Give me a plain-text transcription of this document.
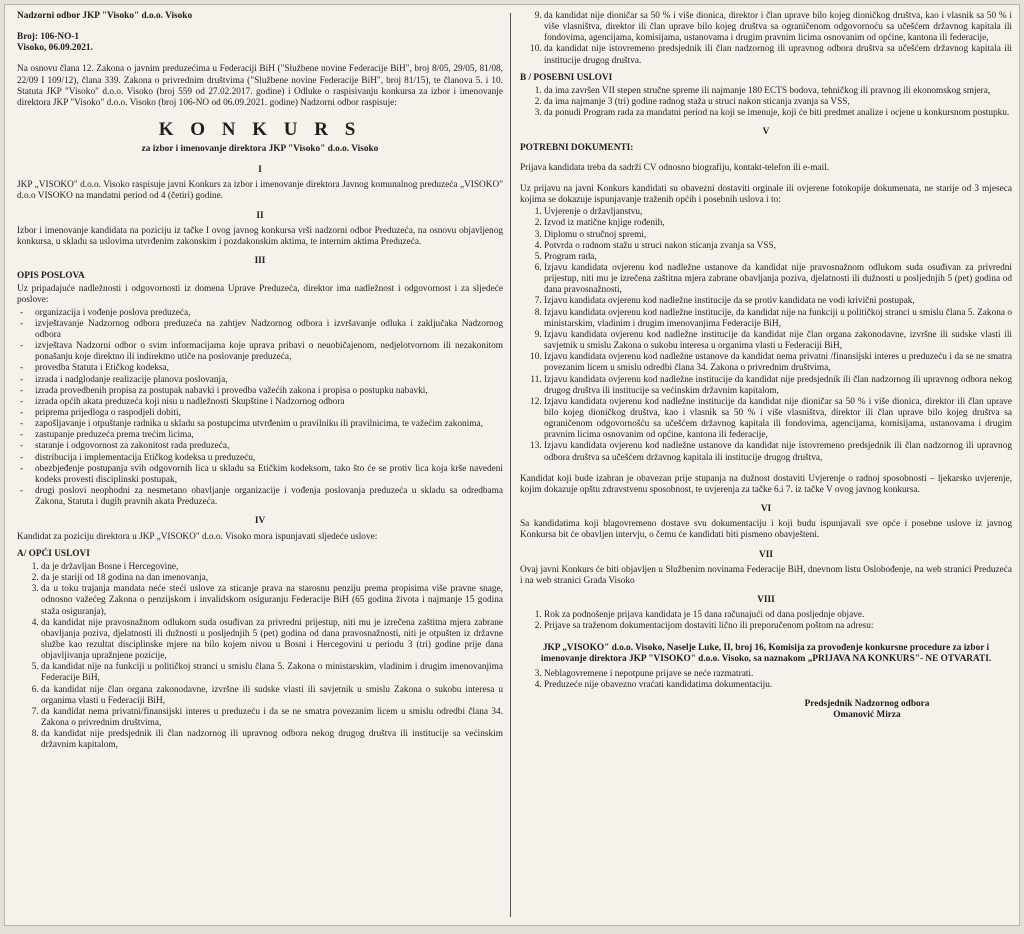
Nadzorni odbor JKP "Visoko" d.o.o. Visoko

Broj: 106-NO-1

Visoko, 06.09.2021.

Na osnovu člana 12. Zakona o javnim preduzećima u Federaciji BiH ("Službene novine Federacije BiH", broj 8/05, 29/05, 81/08, 22/09 I 109/12), člana 339. Zakona o privrednim društvima ("Službene novine Federacije BiH", broj 81/15), te članova 5. i 10. Statuta JKP "Visoko" d.o.o. Visoko (broj 559 od 27.02.2017. godine) i Odluke o raspisivanju konkursa za izbor i imenovanje direktora JKP "Visoko" d.o.o. Visoko (broj 106-NO od 06.09.2021. godine) Nadzorni odbor raspisuje:

K O N K U R S
za izbor i imenovanje direktora JKP "Visoko" d.o.o. Visoko
I

JKP „VISOKO" d.o.o. Visoko raspisuje javni Konkurs za izbor i imenovanje direktora Javnog komunalnog preduzeća „VISOKO" d.o.o VISOKO na mandatni period od 4 (četiri) godine.

II

Izbor i imenovanje kandidata na poziciju iz tačke I ovog javnog konkursa vrši nadzorni odbor Preduzeća, na osnovu objavljenog konkursa, u skladu sa uslovima utvrđenim zakonskim i pozdakonskim aktima, te internim aktima Preduzeća.

III
OPIS POSLOVA

Uz pripadajuće nadležnosti i odgovornosti iz domena Uprave Preduzeća, direktor ima nadležnost i odgovornost i za sljedeće poslove:

- organizacija i vođenje poslova preduzeća,
- izvještavanje Nadzornog odbora preduzeća na zahtjev Nadzornog odbora i izvršavanje odluka i zaključaka Nadzornog odbora
- izvještava Nadzorni odbor o svim informacijama koje uprava pribavi o neuobičajenom, nedjelotvornom ili nezakonitom ponašanju koje direktno ili indirektno utiče na poslovanje preduzeća,
- provedba Statuta i Etičkog kodeksa,
- izrada i nadglodanje realizacije planova poslovanja,
- izrada provedbenih propisa za postupak nabavki i provedba važećih zakona i propisa o postupku nabavki,
- izrada općih akata preduzeća koji nisu u nadležnosti Skupštine i Nadzornog odbora
- priprema prijedloga o raspodjeli dobiti,
- zapošljavanje i otpuštanje radnika u skladu sa postupcima utvrđenim u pravilniku ili pravilnicima, te važećim zakonima,
- zastupanje preduzeća prema trećim licima,
- staranje i odgovornost za zakonitost rada preduzeća,
- distribucija i implementacija Etičkog kodeksa u preduzeću,
- obezbjeđenje postupanja svih odgovornih lica u skladu sa Etičkim kodeksom, tako što će se protiv lica koja krše navedeni kodeks provesti disciplinski postupak,
- drugi poslovi neophodni za nesmetano obavljanje organizacije i vođenja poslovanja preduzeća u skladu sa odredbama Zakona, Statuta i dugih pravnih akata Preduzeća.
IV

Kandidat za poziciju direktora u JKP „VISOKO" d.o.o. Visoko mora ispunjavati sljedeće uslove:

A/ OPĆI USLOVI
1. da je državljan Bosne i Hercegovine,
2. da je stariji od 18 godina na dan imenovanja,
3. da u toku trajanja mandata neće steći uslove za sticanje prava na starosnu penziju prema propisima više pravne snage, odnosno važećeg Zakona o penzijskom i invalidskom osiguranju Federacije BiH (65 godina života i najmanje 15 godina staža osiguranja),
4. da kandidat nije pravosnažnom odlukom suda osuđivan za privredni prijestup, niti mu je izrečena zaštitna mjera zabrane obavljanja poziva, djelatnosti ili dužnosti u posljednjih 5 (pet) godina od dana pravosnažnosti, niti je otpušten iz državne službe kao rezultat disciplinske mjere na bilo kojem nivou u Bosni i Hercegovini u periodu 3 (tri) godine prije dana objavljivanja upražnjene pozicije,
5. da kandidat nije na funkciji u političkoj stranci u smislu člana 5. Zakona o ministarskim, vladinim i drugim imenovanjima Federacije BiH,
6. da kandidat nije član organa zakonodavne, izvršne ili sudske vlasti ili savjetnik u smislu Zakona o sukobu interesa u organima vlasti u Federaciji BiH,
7. da kandidat nema privatni/finansijski interes u preduzeću i da se ne smatra povezanim licem u smislu odredbi člana 34. Zakona o privrednim društvima,
8. da kandidat nije predsjednik ili član nadzornog ili upravnog odbora nekog drugog društva ili institucije sa većinskim državnim kapitalom,
9. da kandidat nije dioničar sa 50 % i više dionica, direktor i član uprave bilo kojeg dioničkog društva, kao i vlasnik sa 50 % i više vlasništva, direktor ili član uprave bilo kojeg društva sa ograničenom odgovornoću sa učešćem državnog kapitala ili fondovima, agencijama, komisijama, ustanovama i drugim pravnim licima osnovanim od općine, kantona ili federacije,
10. da kandidat nije istovremeno predsjednik ili član nadzornog ili upravnog odbora društva sa učešćem državnog kapitala ili institucije drugog društva.
B / POSEBNI USLOVI
1. da ima završen VII stepen stručne spreme ili najmanje 180 ECTS bodova, tehničkog ili pravnog ili ekonomskog smjera,
2. da ima najmanje 3 (tri) godine radnog staža u struci nakon sticanja zvanja sa VSS,
3. da ponudi Program rada za mandatni period na koji se imenuje, koji će biti predmet analize i ocjene u konkursnom postupku.
V
POTREBNI DOKUMENTI:

Prijava kandidata treba da sadrži CV odnosno biografiju, kontakt-telefon ili e-mail.

Uz prijavu na javni Konkurs kandidati su obavezni dostaviti orginale ili ovjerene fotokopije dokumenata, ne starije od 3 mjeseca kojima se dokazuje ispunjavanje traženih općih i posebnih uslova i to:

1. Uvjerenje o državljanstvu,
2. Izvod iz matične knjige rođenih,
3. Diplomu o stručnoj spremi,
4. Potvrda o radnom stažu u struci nakon sticanja zvanja sa VSS,
5. Program rada,
6. Izjavu kandidata ovjerenu kod nadležne ustanove da kandidat nije pravosnažnom odlukom suda osuđivan za privredni prijestup, niti mu je izrečena zaštitna mjera zabrane obavljanja poziva, djelatnosti ili dužnosti u posljednjih 5 (pet) godina od dana pravosnažnosti,
7. Izjavu kandidata ovjerenu kod nadležne institucije da se protiv kandidata ne vodi krivični postupak,
8. Izjavu kandidata ovjerenu kod nadležne institucije, da kandidat nije na funkciji u političkoj stranci u smislu člana 5. Zakona o ministarskim, vladinim i drugim imenovanjima Federacije BiH,
9. Izjavu kandidata ovjerenu kod nadležne institucije da kandidat nije član organa zakonodavne, izvršne ili sudske vlasti ili savjetnik u smislu Zakona o sukobu interesa u organima vlasti u Federaciji BiH,
10. Izjavu kandidata ovjerenu kod nadležne ustanove da kandidat nema privatni /finansijski interes u preduzeću i da se ne smatra povezanim licem u smislu odredbi člana 34. Zakona o privrednim društvima,
11. Izjavu kandidata ovjerenu kod nadležne institucije da kandidat nije predsjednik ili član nadzornog ili upravnog odbora nekog drugog društva ili institucije sa većinskim državnim kapitalom,
12. Izjavu kandidata ovjerenu kod nadležne institucije da kandidat nije dioničar sa 50 % i više dionica, direktor ili član uprave bilo kojeg dioničkog društva, kao i vlasnik sa 50 % i više vlasništva, direktor ili član uprave bilo kojeg društva sa ograničenom odgovornošću sa učešćem državnog kapitala ili fondovima, agencijama, komisijama, ustanovama i drugim pravnim licima osnovanim od općine, kantona ili federacije,
13. Izjavu kandidata ovjerenu kod nadležne ustanove da kandidat nije istovremeno predsjednik ili član nadzornog ili upravnog odbora društva sa učešćem državnog kapitala ili institucije drugog društva,

Kandidat koji bude izabran je obavezan prije stupanja na dužnost dostaviti Uvjerenje o radnoj sposobnosti – ljekarsko uvjerenje, kojim dokazuje opštu zdravstvenu sposobnost, te uvjerenja za tačke 6.i 7. iz tačke V ovog javnog konkursa.

VI

Sa kandidatima koji blagovremeno dostave svu dokumentaciju i koji budu ispunjavali sve opće i posebne uslove iz javnog Konkursa bit će obavljen intervju, o čemu će kandidati biti pismeno obavješteni.

VII

Ovaj javni Konkurs će biti objavljen u Službenim novinama Federacije BiH, dnevnom listu Oslobođenje, na web stranici Preduzeća i na web stranici Grada Visoko

VIII
1. Rok za podnošenje prijava kandidata je 15 dana računajući od dana posljednje objave.
2. Prijave sa traženom dokumentacijom dostaviti lično ili preporučenom poštom na adresu:
JKP „VISOKO" d.o.o. Visoko, Naselje Luke, II, broj 16, Komisija za provođenje konkursne procedure za izbor i imenovanje direktora JKP "VISOKO" d.o.o. Visoko, sa naznakom „PRIJAVA NA KONKURS"- NE OTVARATI.
3. Neblagovremene i nepotpune prijave se neće razmatrati.
4. Preduzeće nije obavezno vraćati kandidatima dokumentaciju.
Predsjednik Nadzornog odbora
Omanović Mirza
